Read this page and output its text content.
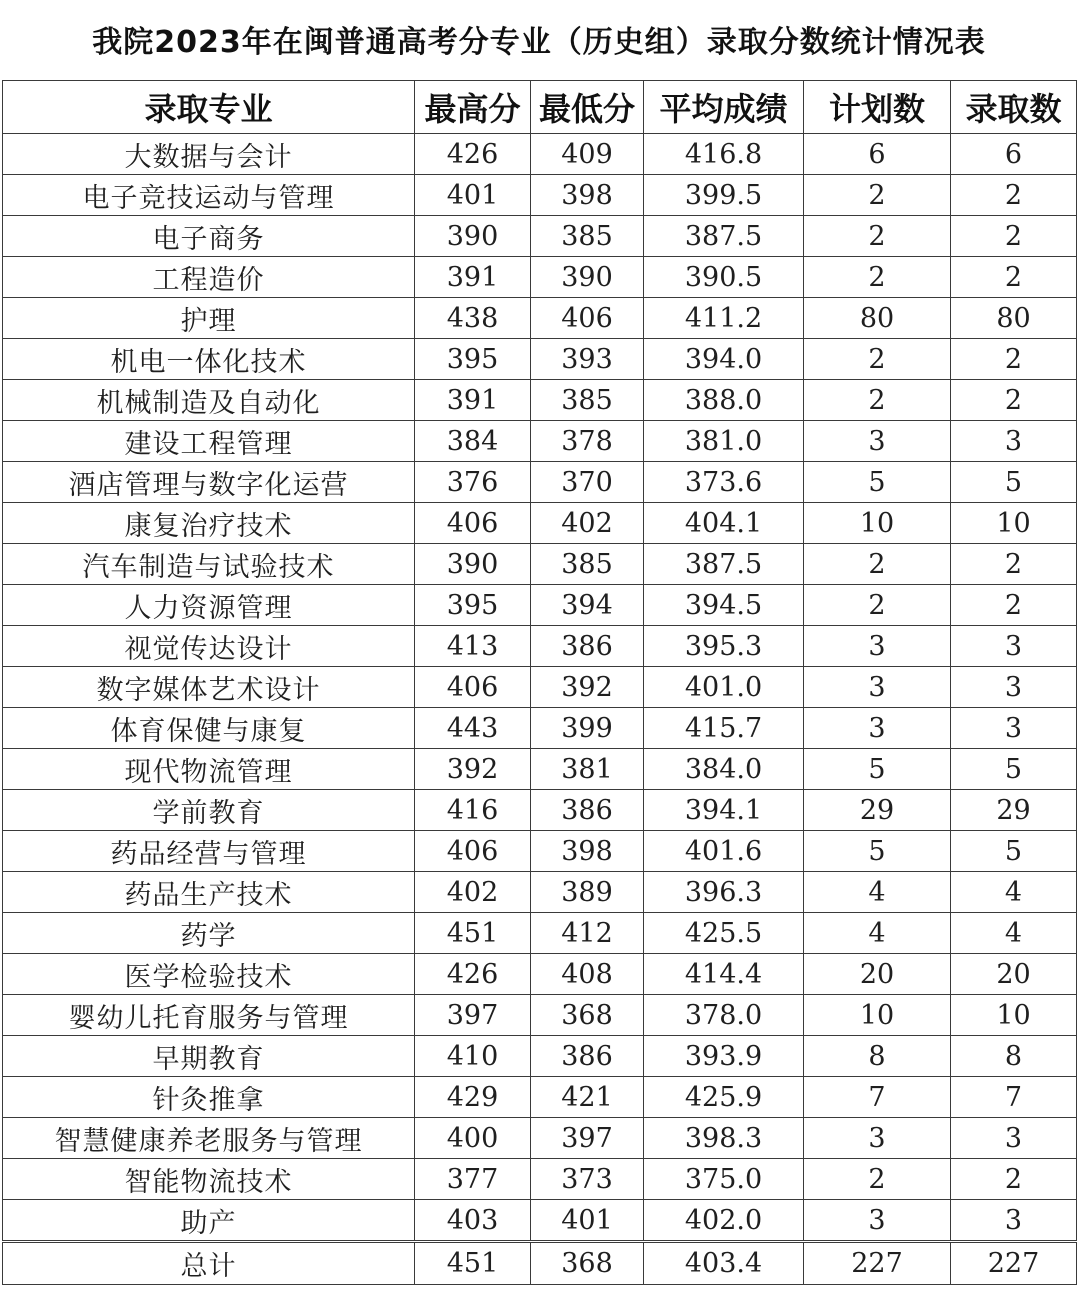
我院2023年在闽普通高考分专业（历史组）录取分数统计情况表
录取专业	最高分	最低分	平均成绩	计划数	录取数
大数据与会计	426	409	416.8	6	6
电子竞技运动与管理	401	398	399.5	2	2
电子商务	390	385	387.5	2	2
工程造价	391	390	390.5	2	2
护理	438	406	411.2	80	80
机电一体化技术	395	393	394.0	2	2
机械制造及自动化	391	385	388.0	2	2
建设工程管理	384	378	381.0	3	3
酒店管理与数字化运营	376	370	373.6	5	5
康复治疗技术	406	402	404.1	10	10
汽车制造与试验技术	390	385	387.5	2	2
人力资源管理	395	394	394.5	2	2
视觉传达设计	413	386	395.3	3	3
数字媒体艺术设计	406	392	401.0	3	3
体育保健与康复	443	399	415.7	3	3
现代物流管理	392	381	384.0	5	5
学前教育	416	386	394.1	29	29
药品经营与管理	406	398	401.6	5	5
药品生产技术	402	389	396.3	4	4
药学	451	412	425.5	4	4
医学检验技术	426	408	414.4	20	20
婴幼儿托育服务与管理	397	368	378.0	10	10
早期教育	410	386	393.9	8	8
针灸推拿	429	421	425.9	7	7
智慧健康养老服务与管理	400	397	398.3	3	3
智能物流技术	377	373	375.0	2	2
助产	403	401	402.0	3	3
总计	451	368	403.4	227	227
